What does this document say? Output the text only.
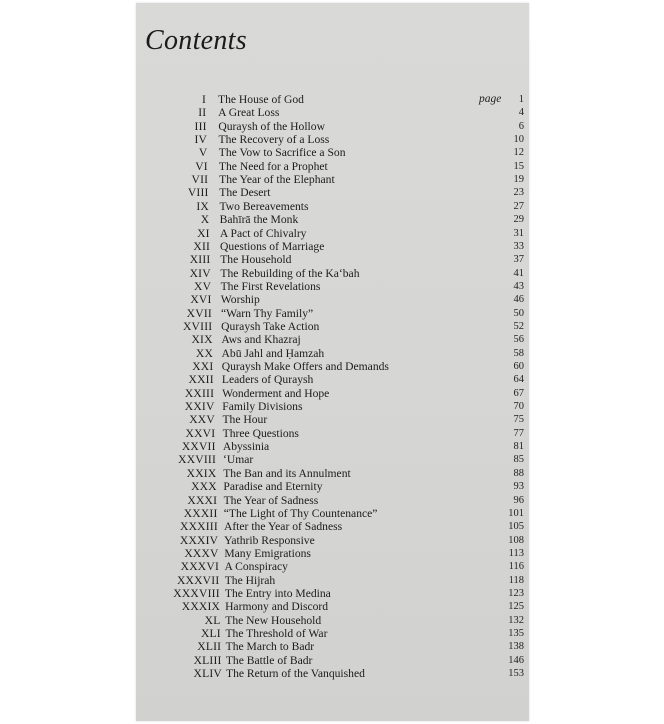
Contents
page
I The House of God	1
II A Great Loss	4
III Quraysh of the Hollow	6
IV The Recovery of a Loss	10
V The Vow to Sacrifice a Son	12
VI The Need for a Prophet	15
VII The Year of the Elephant	19
VIII The Desert	23
IX Two Bereavements	27
X Bahīrā the Monk	29
XI A Pact of Chivalry	31
XII Questions of Marriage	33
XIII The Household	37
XIV The Rebuilding of the Ka‘bah	41
XV The First Revelations	43
XVI Worship	46
XVII “Warn Thy Family”	50
XVIII Quraysh Take Action	52
XIX Aws and Khazraj	56
XX Abū Jahl and Ḥamzah	58
XXI Quraysh Make Offers and Demands	60
XXII Leaders of Quraysh	64
XXIII Wonderment and Hope	67
XXIV Family Divisions	70
XXV The Hour	75
XXVI Three Questions	77
XXVII Abyssinia	81
XXVIII ‘Umar	85
XXIX The Ban and its Annulment	88
XXX Paradise and Eternity	93
XXXI The Year of Sadness	96
XXXII “The Light of Thy Countenance”	101
XXXIII After the Year of Sadness	105
XXXIV Yathrib Responsive	108
XXXV Many Emigrations	113
XXXVI A Conspiracy	116
XXXVII The Hijrah	118
XXXVIII The Entry into Medina	123
XXXIX Harmony and Discord	125
XL The New Household	132
XLI The Threshold of War	135
XLII The March to Badr	138
XLIII The Battle of Badr	146
XLIV The Return of the Vanquished	153
